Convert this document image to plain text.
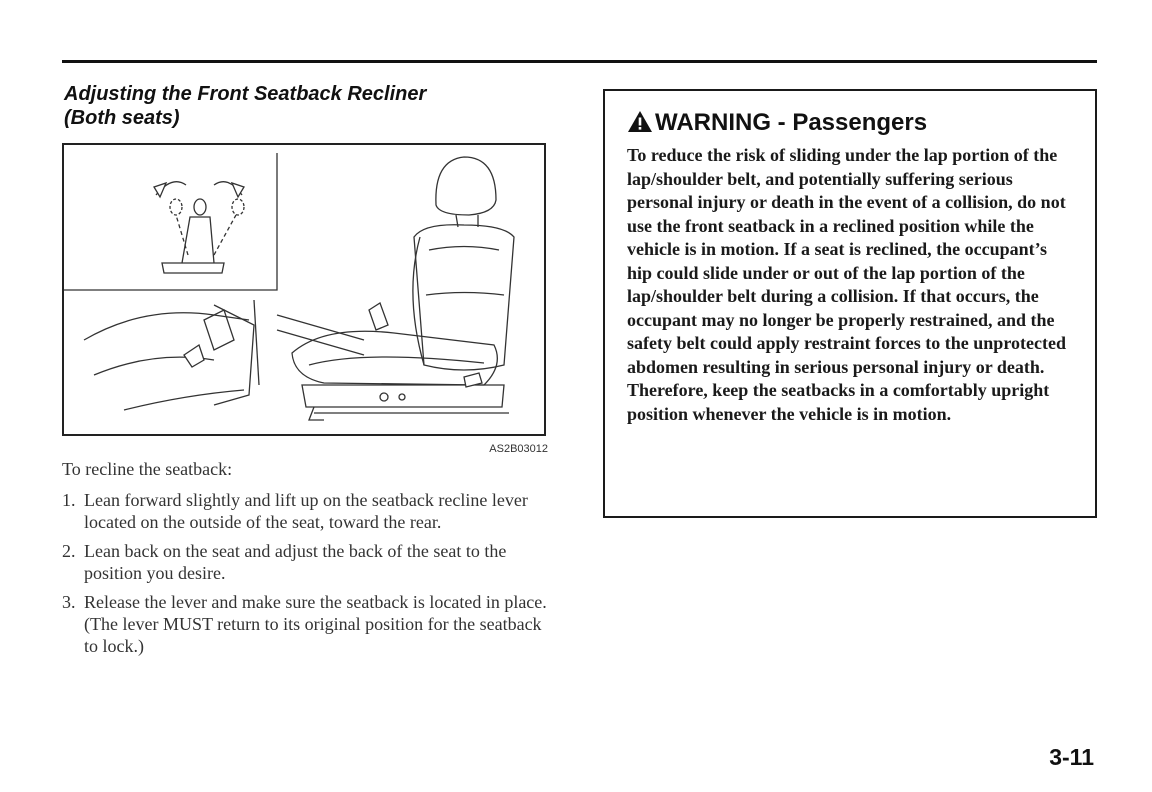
Adjusting the Front Seatback Recliner
(Both seats)
AS2B03012
To recline the seatback:
1. Lean forward slightly and lift up on the seatback recline lever located on the outside of the seat, toward the rear.
2. Lean back on the seat and adjust the back of the seat to the position you desire.
3. Release the lever and make sure the seatback is located in place. (The lever MUST return to its original position for the seatback to lock.)
WARNING - Passengers
To reduce the risk of sliding under the lap portion of the lap/shoulder belt, and potentially suffering serious personal injury or death in the event of a collision, do not use the front seatback in a reclined position while the vehicle is in motion. If a seat is reclined, the occupant’s hip could slide under or out of the lap portion of the lap/shoulder belt during a collision. If that occurs, the occupant may no longer be properly restrained, and the safety belt could apply restraint forces to the unprotected abdomen resulting in serious personal injury or death. Therefore, keep the seatbacks in a comfortably upright position whenever the vehicle is in motion.
3-11
